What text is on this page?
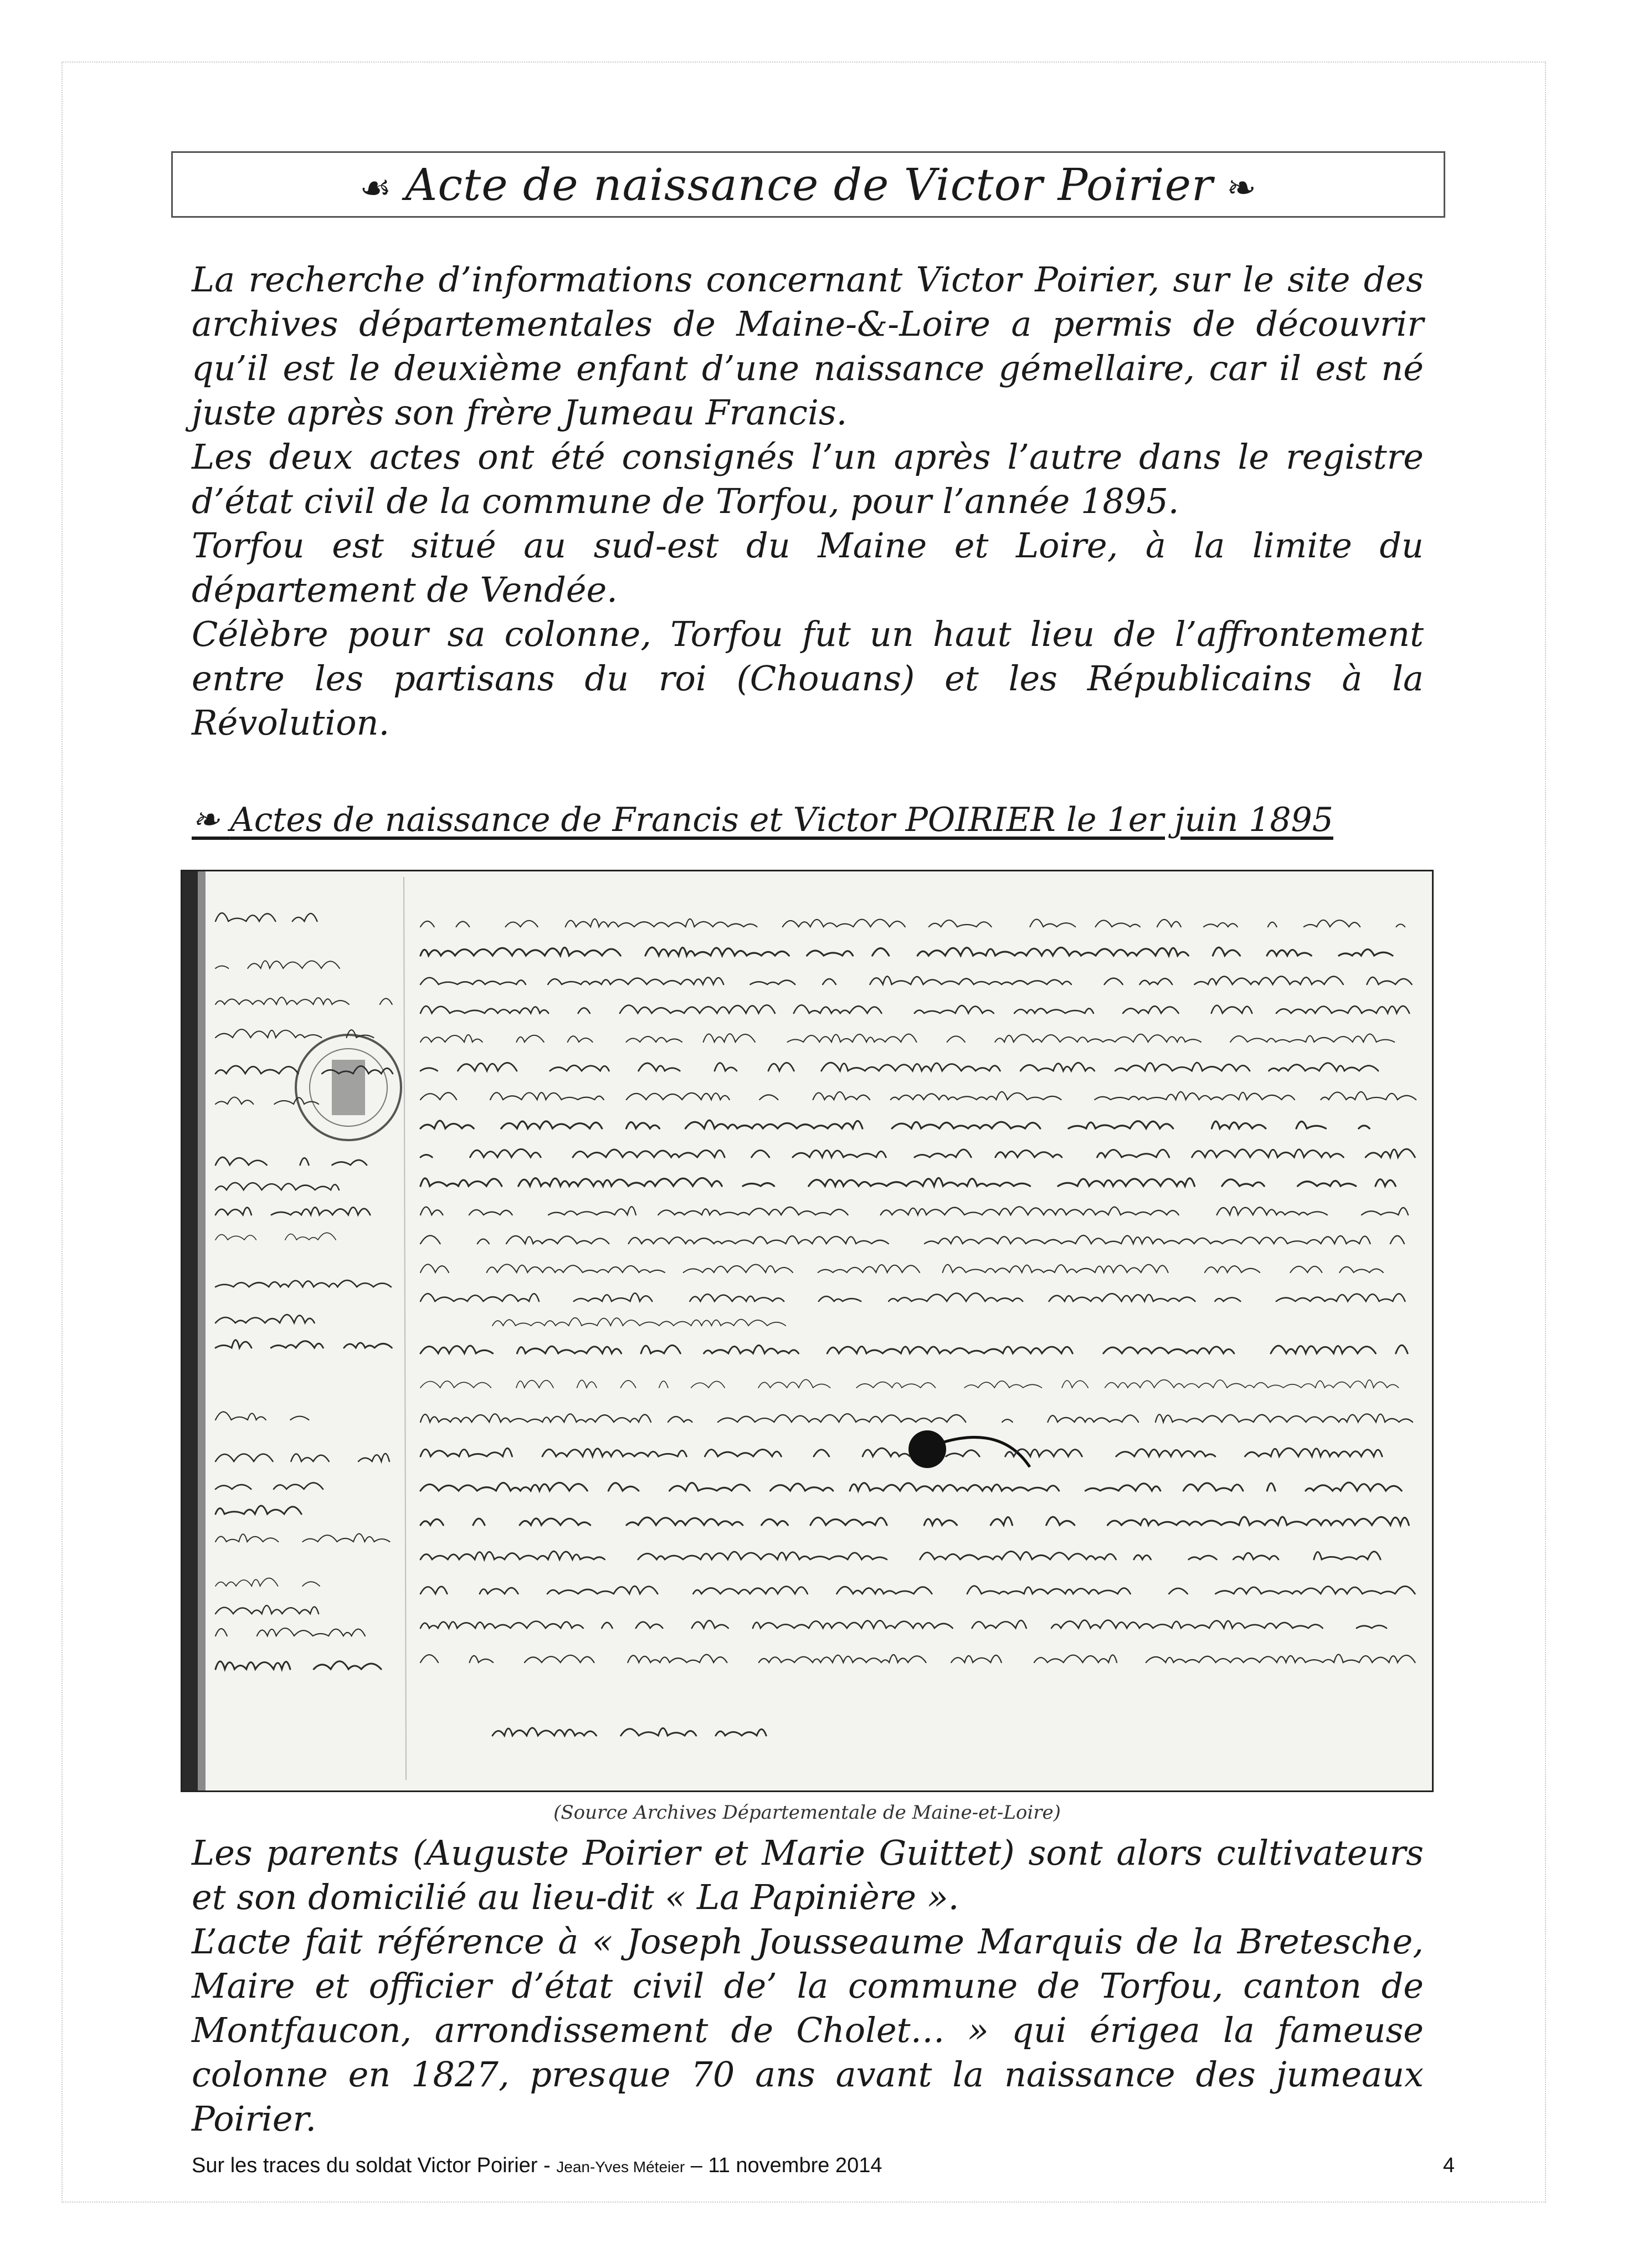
☙ Acte de naissance de Victor Poirier ❧

La recherche d’informations concernant Victor Poirier, sur le site des archives départementales de Maine-&-Loire a permis de découvrir qu’il est le deuxième enfant d’une naissance gémellaire, car il est né juste après son frère Jumeau Francis.

Les deux actes ont été consignés l’un après l’autre dans le registre d’état civil de la commune de Torfou, pour l’année 1895.

Torfou est situé au sud-est du Maine et Loire, à la limite du département de Vendée.

Célèbre pour sa colonne, Torfou fut un haut lieu de l’affrontement entre les partisans du roi (Chouans) et les Républicains à la Révolution.

❧ Actes de naissance de Francis et Victor POIRIER le 1er juin 1895
(Source Archives Départementale de Maine-et-Loire)

Les parents (Auguste Poirier et Marie Guittet) sont alors cultivateurs et son domicilié au lieu-dit « La Papinière ».

L’acte fait référence à « Joseph Jousseaume Marquis de la Bretesche, Maire et officier d’état civil de’ la commune de Torfou, canton de Montfaucon, arrondissement de Cholet… » qui érigea la fameuse colonne en 1827, presque 70 ans avant la naissance des jumeaux Poirier.

Sur les traces du soldat Victor Poirier - Jean-Yves Méteier – 11 novembre 2014	4
